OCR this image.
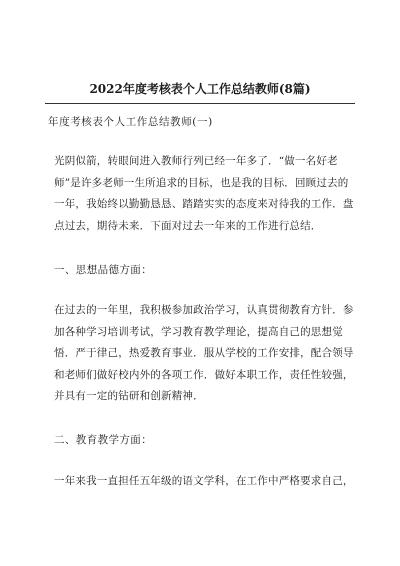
2022年度考核表个人工作总结教师(8篇)
年度考核表个人工作总结教师(一)
光阴似箭，转眼间进入教师行列已经一年多了．“做一名好老
师”是许多老师一生所追求的目标，也是我的目标．回顾过去的
一年，我始终以勤勤恳恳、踏踏实实的态度来对待我的工作．盘
点过去，期待未来．下面对过去一年来的工作进行总结．
一、思想品德方面：
在过去的一年里，我积极参加政治学习，认真贯彻教育方针．参
加各种学习培训考试，学习教育教学理论，提高自己的思想觉
悟．严于律己，热爱教育事业．服从学校的工作安排，配合领导
和老师们做好校内外的各项工作．做好本职工作，责任性较强，
并具有一定的钻研和创新精神．
二、教育教学方面：
一年来我一直担任五年级的语文学科，在工作中严格要求自己，
